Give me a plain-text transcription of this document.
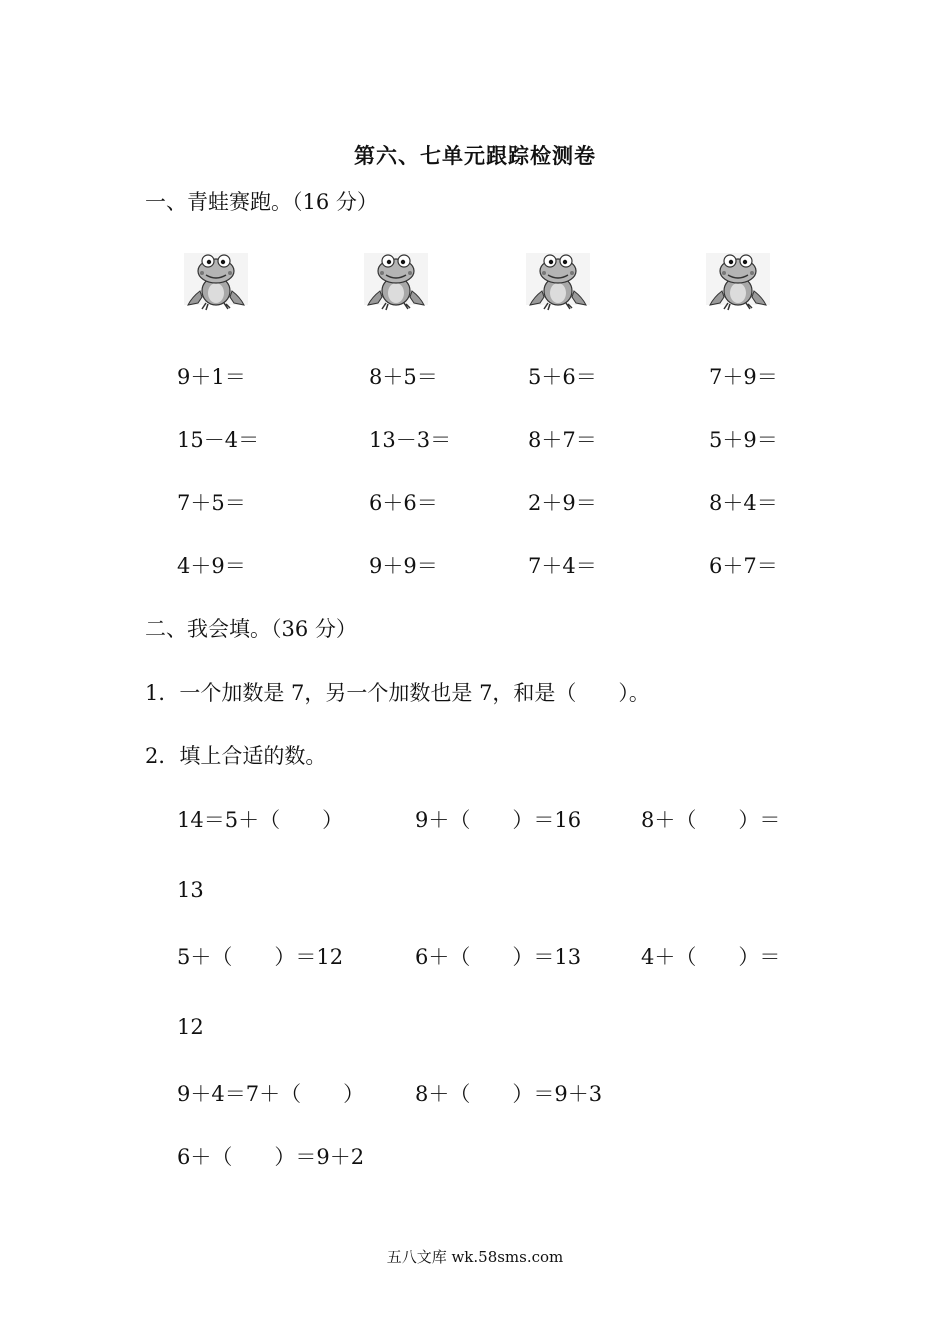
第六、七单元跟踪检测卷
一、青蛙赛跑。（16 分）
9＋1＝	8＋5＝	5＋6＝	7＋9＝
15－4＝	13－3＝	8＋7＝	5＋9＝
7＋5＝	6＋6＝	2＋9＝	8＋4＝
4＋9＝	9＋9＝	7＋4＝	6＋7＝
二、我会填。（36 分）
1．一个加数是 7，另一个加数也是 7，和是（　　）。
2．填上合适的数。
14＝5＋（　　）	9＋（　　）＝16	8＋（　　）＝
13
5＋（　　）＝12	6＋（　　）＝13	4＋（　　）＝
12
9＋4＝7＋（　　） 8＋（　　）＝9＋3
6＋（　　）＝9＋2
五八文库 wk.58sms.com
